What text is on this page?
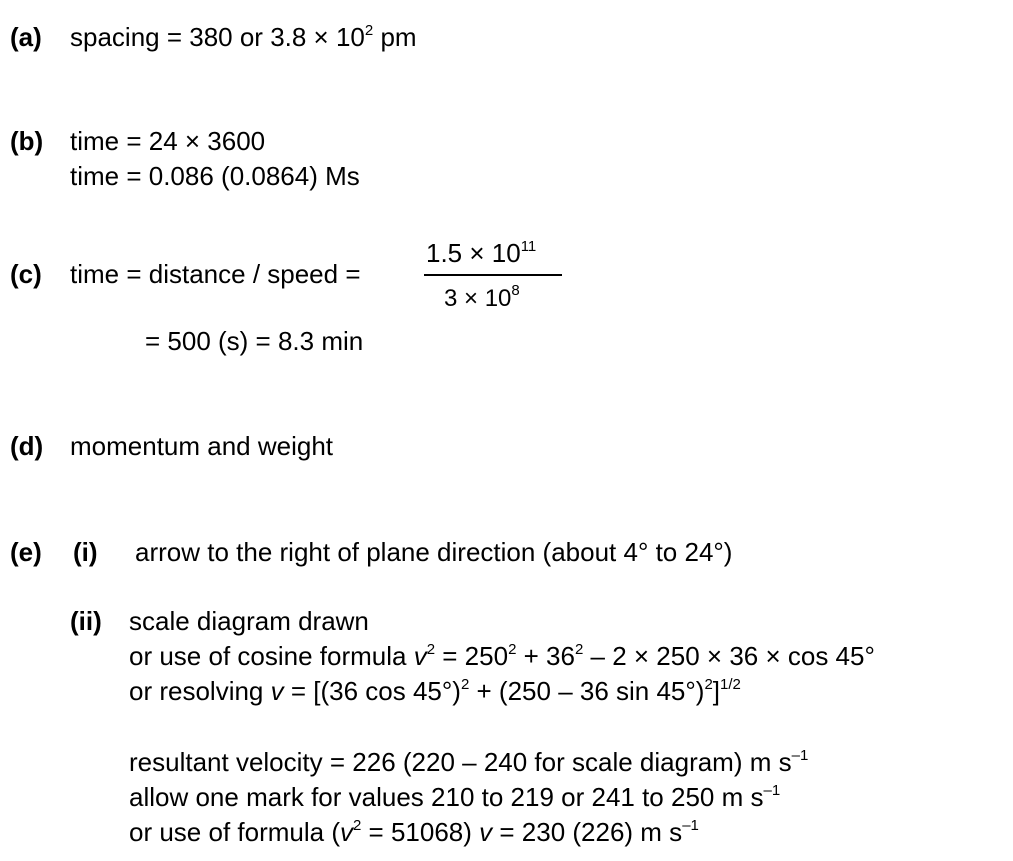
(a) spacing = 380 or $3.8 \times 10^2$ pm
(b) time = 24 × 3600
time = 0.086 (0.0864) Ms
(c) time = distance / speed =
$1.5 \times 10^{11}$
$3 \times 10^8$
= 500 (s) = 8.3 min
(d) momentum and weight
(e) (i) arrow to the right of plane direction (about 4° to 24°)
(ii) scale diagram drawn
or use of cosine formula $v^2 = 250^2 + 36^2 - 2 \times 250 \times 36 \times \cos 45^\circ$
or resolving v = [(36 cos 45°)$^2$ + (250 – 36 sin 45°)$^2$]$^{1/2}$
resultant velocity = 226 (220 – 240 for scale diagram) m $s^{-1}$
allow one mark for values 210 to 219 or 241 to 250 m $s^{-1}$
or use of formula $(v^2 = 51068) v = 230$ (226) m $s^{-1}$
